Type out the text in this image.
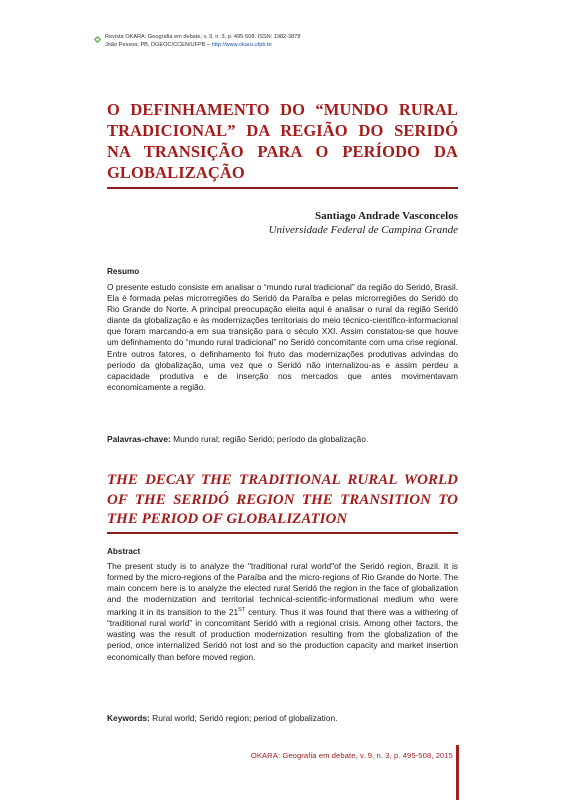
Revista OKARA: Geografia em debate, v. 9, n. 3, p. 495-508. ISSN: 1982-3878
João Pessoa, PB, DGEOC/CCEN/UFPB – http://www.okara.ufpb.br
O DEFINHAMENTO DO “MUNDO RURAL TRADICIONAL” DA REGIÃO DO SERIDÓ NA TRANSIÇÃO PARA O PERÍODO DA GLOBALIZAÇÃO
Santiago Andrade Vasconcelos
Universidade Federal de Campina Grande
Resumo
O presente estudo consiste em analisar o “mundo rural tradicional” da região do Seridó, Brasil. Ela é formada pelas microrregiões do Seridó da Paraíba e pelas microrregiões do Seridó do Rio Grande do Norte. A principal preocupação eleita aqui é analisar o rural da região Seridó diante da globalização e às modernizações territoriais do meio técnico-científico-informacional que foram marcando-a em sua transição para o século XXI. Assim constatou-se que houve um definhamento do “mundo rural tradicional” no Seridó concomitante com uma crise regional. Entre outros fatores, o definhamento foi fruto das modernizações produtivas advindas do período da globalização, uma vez que o Seridó não internalizou-as e assim perdeu a capacidade produtiva e de inserção nos mercados que antes movimentavam economicamente a região.
Palavras-chave: Mundo rural; região Seridó; período da globalização.
THE DECAY THE TRADITIONAL RURAL WORLD OF THE SERIDÓ REGION THE TRANSITION TO THE PERIOD OF GLOBALIZATION
Abstract
The present study is to analyze the "traditional rural world"of the Seridó region, Brazil. It is formed by the micro-regions of the Paraíba and the micro-regions of Rio Grande do Norte. The main concern here is to analyze the elected rural Seridó the region in the face of globalization and the modernization and territorial technical-scientific-informational medium who were marking it in its transition to the 21ST century. Thus it was found that there was a withering of “traditional rural world” in concomitant Seridó with a regional crisis. Among other factors, the wasting was the result of production modernization resulting from the globalization of the period, once internalized Seridó not lost and so the production capacity and market insertion economically than before moved region.
Keywords: Rural world; Seridó region; period of globalization.
OKARA: Geografia em debate, v. 9, n. 3, p. 495-508, 2015
